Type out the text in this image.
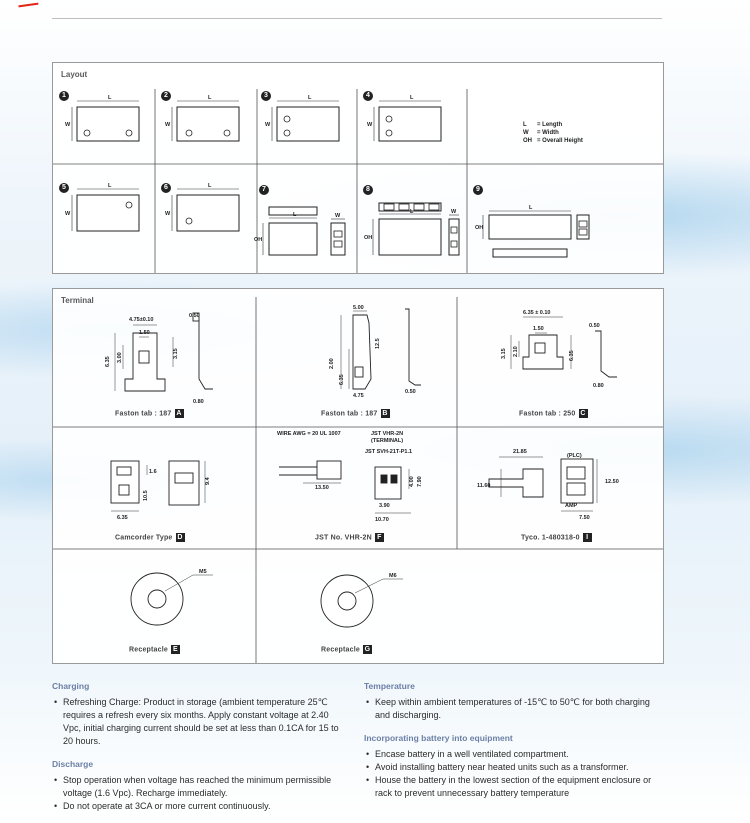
Layout
L	L	L	L
L	L
L	L
L
W	W	W	W
W	W	W
W
OH	OH
OH
1	2	3	4
5	6	7	8	9
L = Length
W = Width
OH = Overall Height
Terminal
4.75±0.10
0.50
1.50
6.35 3.00	3.15
0.80
5.00
12.5
2.00
6.35
4.75
0.50
6.35 ± 0.10
0.50
1.50
3.15 2.10	6.35
0.80
1.6
9.4
10.5
6.35
WIRE AWG = 20 UL 1007	JST VHR-2N
(TERMINAL)
JST SVH-21T-P1.1
13.50
4.00 7.90
3.90
10.70
21.85
(PLC)
11.60
12.50
AMP
7.50
M5
M6
Faston tab : 187 A	Faston tab : 187 B	Faston tab : 250 C
Camcorder Type D	JST No. VHR-2N F	Tyco. 1-480318-0 I
Receptacle E	Receptacle G
Charging
• Refreshing Charge: Product in storage (ambient temperature 25℃ requires a refresh every six months. Apply constant voltage at 2.40 Vpc, initial charging current should be set at less than 0.1CA for 15 to 20 hours.
Discharge
• Stop operation when voltage has reached the minimum permissible voltage (1.6 Vpc). Recharge immediately.
• Do not operate at 3CA or more current continuously.
Temperature
• Keep within ambient temperatures of -15℃ to 50℃ for both charging and discharging.
Incorporating battery into equipment
• Encase battery in a well ventilated compartment.
• Avoid installing battery near heated units such as a transformer.
• House the battery in the lowest section of the equipment enclosure or rack to prevent unnecessary battery temperature
